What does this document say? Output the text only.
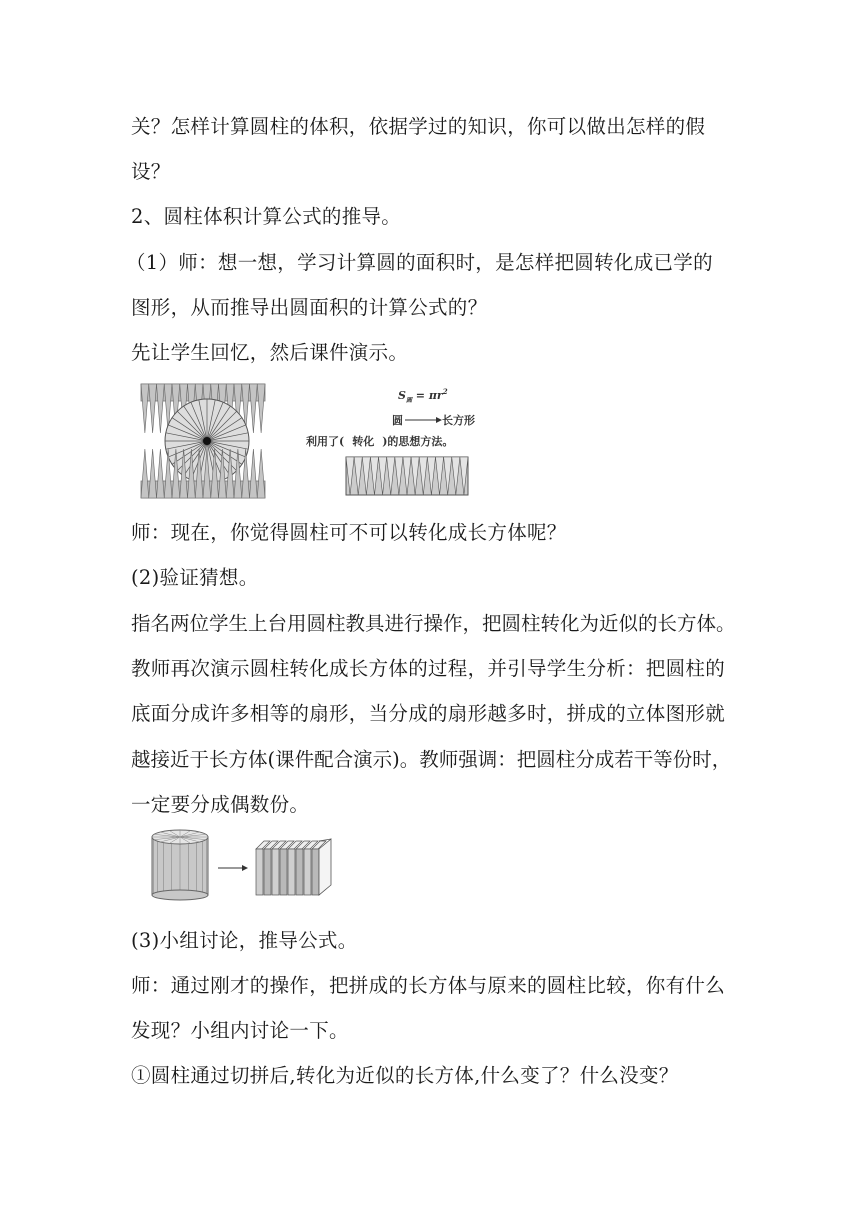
关？怎样计算圆柱的体积，依据学过的知识，你可以做出怎样的假
设？
2、圆柱体积计算公式的推导。
（1）师：想一想，学习计算圆的面积时，是怎样把圆转化成已学的
图形，从而推导出圆面积的计算公式的？
先让学生回忆，然后课件演示。
$S_圆 = \pi r^2$
圆	长方形
利用了( 转化 )的思想方法。
师：现在，你觉得圆柱可不可以转化成长方体呢？
(2)验证猜想。
指名两位学生上台用圆柱教具进行操作，把圆柱转化为近似的长方体。
教师再次演示圆柱转化成长方体的过程，并引导学生分析：把圆柱的
底面分成许多相等的扇形，当分成的扇形越多时，拼成的立体图形就
越接近于长方体(课件配合演示)。教师强调：把圆柱分成若干等份时，
一定要分成偶数份。
(3)小组讨论，推导公式。
师：通过刚才的操作，把拼成的长方体与原来的圆柱比较，你有什么
发现？小组内讨论一下。
①圆柱通过切拼后,转化为近似的长方体,什么变了？什么没变？
